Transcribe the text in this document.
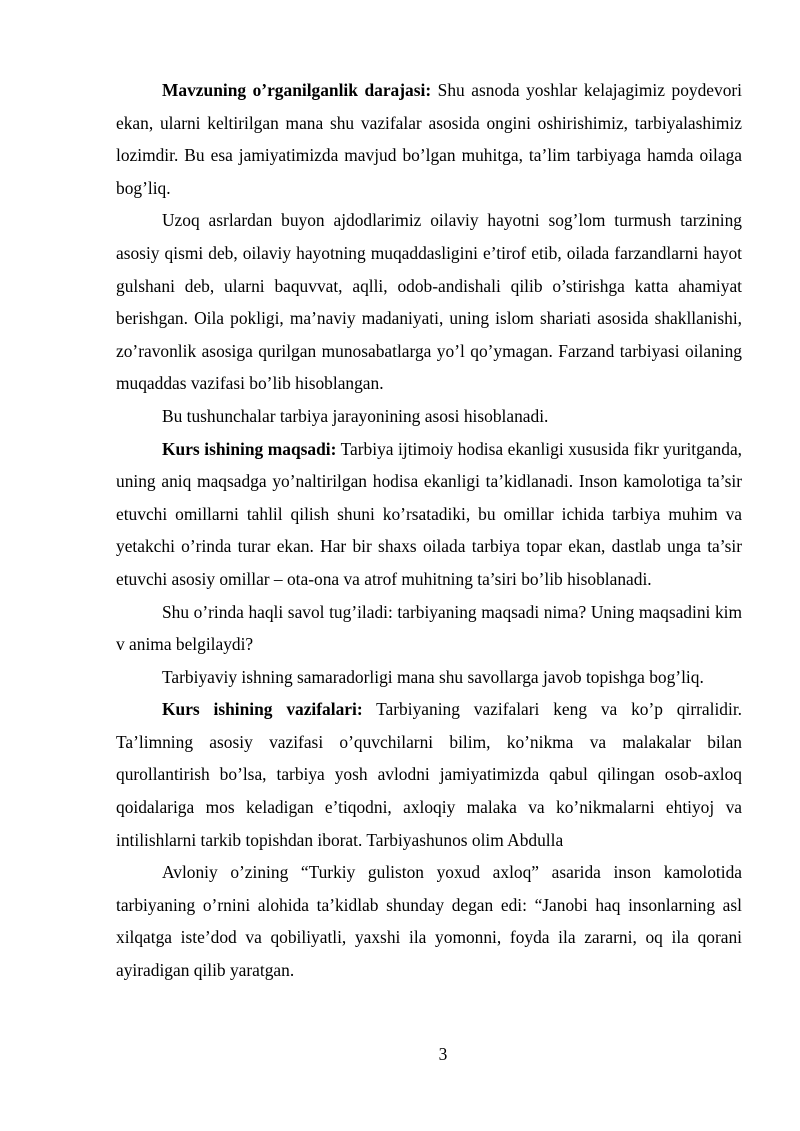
Mavzuning o’rganilganlik darajasi: Shu asnoda yoshlar kelajagimiz poydevori ekan, ularni keltirilgan mana shu vazifalar asosida ongini oshirishimiz, tarbiyalashimiz lozimdir. Bu esa jamiyatimizda mavjud bo’lgan muhitga, ta’lim tarbiyaga hamda oilaga bog’liq.

Uzoq asrlardan buyon ajdodlarimiz oilaviy hayotni sog’lom turmush tarzining asosiy qismi deb, oilaviy hayotning muqaddasligini e’tirof etib, oilada farzandlarni hayot gulshani deb, ularni baquvvat, aqlli, odob-andishali qilib o’stirishga katta ahamiyat berishgan. Oila pokligi, ma’naviy madaniyati, uning islom shariati asosida shakllanishi, zo’ravonlik asosiga qurilgan munosabatlarga yo’l qo’ymagan. Farzand tarbiyasi oilaning muqaddas vazifasi bo’lib hisoblangan.

Bu tushunchalar tarbiya jarayonining asosi hisoblanadi.

Kurs ishining maqsadi: Tarbiya ijtimoiy hodisa ekanligi xususida fikr yuritganda, uning aniq maqsadga yo’naltirilgan hodisa ekanligi ta’kidlanadi. Inson kamolotiga ta’sir etuvchi omillarni tahlil qilish shuni ko’rsatadiki, bu omillar ichida tarbiya muhim va yetakchi o’rinda turar ekan. Har bir shaxs oilada tarbiya topar ekan, dastlab unga ta’sir etuvchi asosiy omillar – ota-ona va atrof muhitning ta’siri bo’lib hisoblanadi.

Shu o’rinda haqli savol tug’iladi: tarbiyaning maqsadi nima? Uning maqsadini kim v anima belgilaydi?

Tarbiyaviy ishning samaradorligi mana shu savollarga javob topishga bog’liq.

Kurs ishining vazifalari: Tarbiyaning vazifalari keng va ko’p qirralidir. Ta’limning asosiy vazifasi o’quvchilarni bilim, ko’nikma va malakalar bilan qurollantirish bo’lsa, tarbiya yosh avlodni jamiyatimizda qabul qilingan osob-axloq qoidalariga mos keladigan e’tiqodni, axloqiy malaka va ko’nikmalarni ehtiyoj va intilishlarni tarkib topishdan iborat. Tarbiyashunos olim Abdulla

Avloniy o’zining “Turkiy guliston yoxud axloq” asarida inson kamolotida tarbiyaning o’rnini alohida ta’kidlab shunday degan edi: “Janobi haq insonlarning asl xilqatga iste’dod va qobiliyatli, yaxshi ila yomonni, foyda ila zararni, oq ila qorani ayiradigan qilib yaratgan.

3
